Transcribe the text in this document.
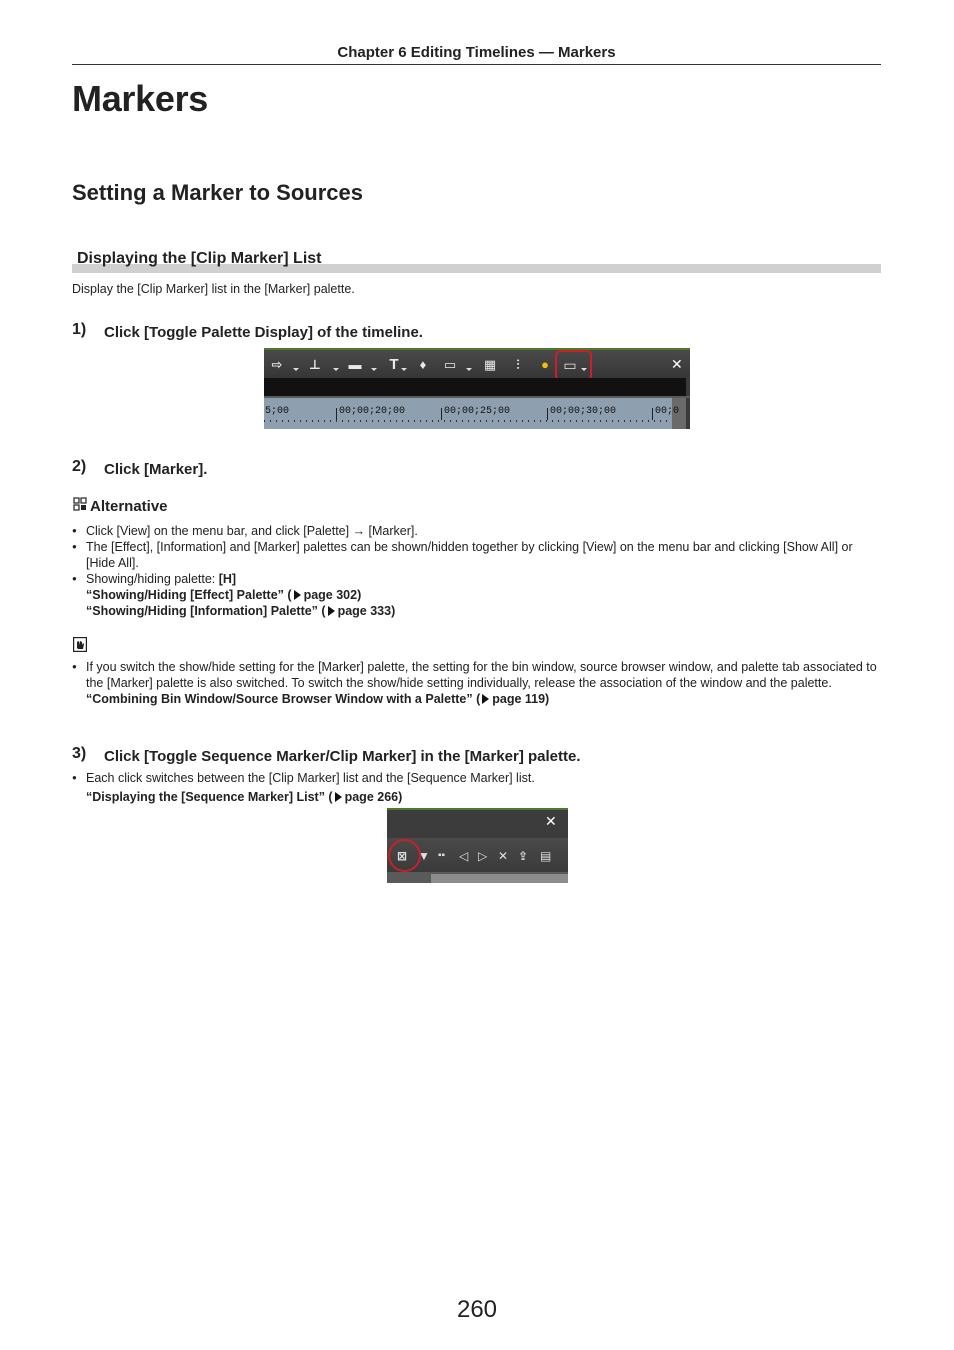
Chapter 6 Editing Timelines — Markers
Markers
Setting a Marker to Sources
Displaying the [Clip Marker] List
Display the [Clip Marker] list in the [Marker] palette.
1) Click [Toggle Palette Display] of the timeline.
⇨ ⊥	▬	T ♦ ▭ ▦	⫶	● ▭	✕
5;00	00;00;20;00	00;00;25;00	00;00;30;00	00;0
2) Click [Marker].
Alternative
● Click [View] on the menu bar, and click [Palette] → [Marker].
● The [Effect], [Information] and [Marker] palettes can be shown/hidden together by clicking [View] on the menu bar and clicking [Show All] or [Hide All].
● Showing/hiding palette: [H]
“Showing/Hiding [Effect] Palette” ( page 302)
“Showing/Hiding [Information] Palette” ( page 333)
● If you switch the show/hide setting for the [Marker] palette, the setting for the bin window, source browser window, and palette tab associated to the [Marker] palette is also switched. To switch the show/hide setting individually, release the association of the window and the palette.
“Combining Bin Window/Source Browser Window with a Palette” ( page 119)
3) Click [Toggle Sequence Marker/Clip Marker] in the [Marker] palette.
● Each click switches between the [Clip Marker] list and the [Sequence Marker] list.
“Displaying the [Sequence Marker] List” ( page 266)
✕
⊠ ▼ ▪▪ ◁ ▷ ✕ ⇪ ▤
260
